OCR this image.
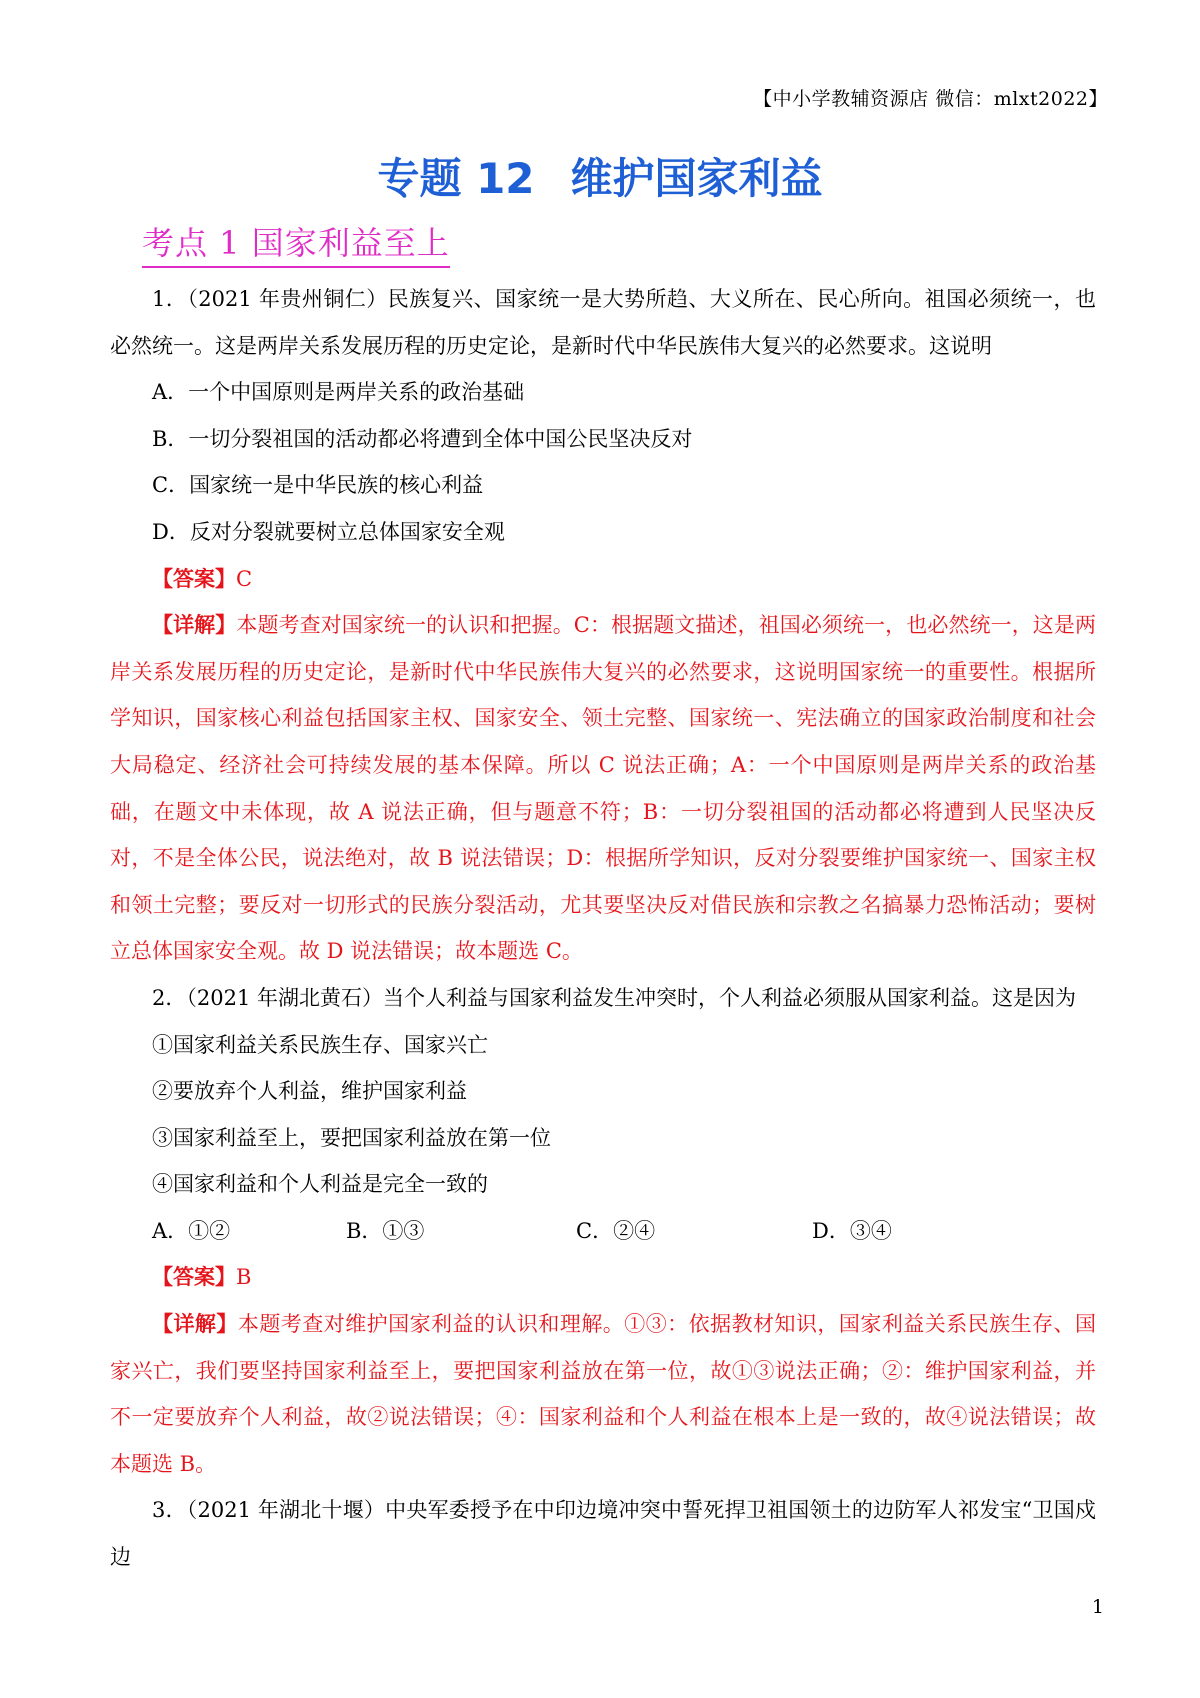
【中小学教辅资源店 微信：mlxt2022】
专题 12 维护国家利益
考点 1 国家利益至上

1．（2021 年贵州铜仁）民族复兴、国家统一是大势所趋、大义所在、民心所向。祖国必须统一，也必然统一。这是两岸关系发展历程的历史定论，是新时代中华民族伟大复兴的必然要求。这说明

A．一个中国原则是两岸关系的政治基础

B．一切分裂祖国的活动都必将遭到全体中国公民坚决反对

C．国家统一是中华民族的核心利益

D．反对分裂就要树立总体国家安全观

【答案】C

【详解】本题考查对国家统一的认识和把握。C：根据题文描述，祖国必须统一，也必然统一，这是两岸关系发展历程的历史定论，是新时代中华民族伟大复兴的必然要求，这说明国家统一的重要性。根据所学知识，国家核心利益包括国家主权、国家安全、领土完整、国家统一、宪法确立的国家政治制度和社会大局稳定、经济社会可持续发展的基本保障。所以 C 说法正确；A：一个中国原则是两岸关系的政治基础，在题文中未体现，故 A 说法正确，但与题意不符；B：一切分裂祖国的活动都必将遭到人民坚决反对，不是全体公民，说法绝对，故 B 说法错误；D：根据所学知识，反对分裂要维护国家统一、国家主权和领土完整；要反对一切形式的民族分裂活动，尤其要坚决反对借民族和宗教之名搞暴力恐怖活动；要树立总体国家安全观。故 D 说法错误；故本题选 C。

2．（2021 年湖北黄石）当个人利益与国家利益发生冲突时，个人利益必须服从国家利益。这是因为

①国家利益关系民族生存、国家兴亡

②要放弃个人利益，维护国家利益

③国家利益至上，要把国家利益放在第一位

④国家利益和个人利益是完全一致的

A．①②	B．①③	C．②④	D．③④

【答案】B

【详解】本题考查对维护国家利益的认识和理解。①③：依据教材知识，国家利益关系民族生存、国家兴亡，我们要坚持国家利益至上，要把国家利益放在第一位，故①③说法正确；②：维护国家利益，并不一定要放弃个人利益，故②说法错误；④：国家利益和个人利益在根本上是一致的，故④说法错误；故本题选 B。

3．（2021 年湖北十堰）中央军委授予在中印边境冲突中誓死捍卫祖国领土的边防军人祁发宝“卫国戍边

1
